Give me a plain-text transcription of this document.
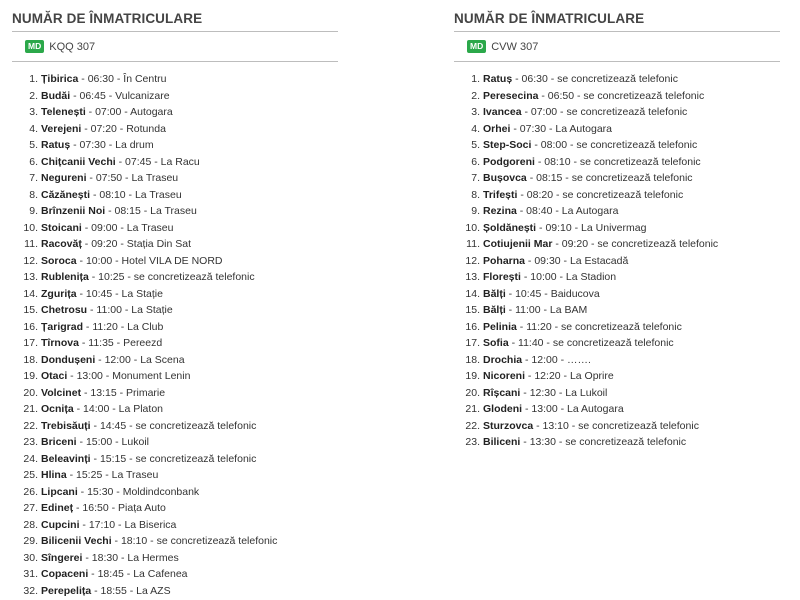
NUMĂR DE ÎNMATRICULARE
MD KQQ 307
1. Țibirica - 06:30 - În Centru
2. Budăi - 06:45 - Vulcanizare
3. Telenești - 07:00 - Autogara
4. Verejeni - 07:20 - Rotunda
5. Ratuș - 07:30 - La drum
6. Chițcanii Vechi - 07:45 - La Racu
7. Negureni - 07:50 - La Traseu
8. Căzănești - 08:10 - La Traseu
9. Brînzenii Noi - 08:15 - La Traseu
10. Stoicani - 09:00 - La Traseu
11. Racovăț - 09:20 - Stația Din Sat
12. Soroca - 10:00 - Hotel VILA DE NORD
13. Rublenița - 10:25 - se concretizează telefonic
14. Zgurița - 10:45 - La Stație
15. Chetrosu - 11:00 - La Stație
16. Țarigrad - 11:20 - La Club
17. Tîrnova - 11:35 - Pereezd
18. Dondușeni - 12:00 - La Scena
19. Otaci - 13:00 - Monument Lenin
20. Volcinet - 13:15 - Primarie
21. Ocnița - 14:00 - La Platon
22. Trebisăuți - 14:45 - se concretizează telefonic
23. Briceni - 15:00 - Lukoil
24. Beleavinți - 15:15 - se concretizează telefonic
25. Hlina - 15:25 - La Traseu
26. Lipcani - 15:30 - Moldindconbank
27. Edineț - 16:50 - Piața Auto
28. Cupcini - 17:10 - La Biserica
29. Bilicenii Vechi - 18:10 - se concretizează telefonic
30. Sîngerei - 18:30 - La Hermes
31. Copaceni - 18:45 - La Cafenea
32. Perepelița - 18:55 - La AZS
NUMĂR DE ÎNMATRICULARE
MD CVW 307
1. Ratuș - 06:30 - se concretizează telefonic
2. Peresecina - 06:50 - se concretizează telefonic
3. Ivancea - 07:00 - se concretizează telefonic
4. Orhei - 07:30 - La Autogara
5. Step-Soci - 08:00 - se concretizează telefonic
6. Podgoreni - 08:10 - se concretizează telefonic
7. Bușovca - 08:15 - se concretizează telefonic
8. Trifești - 08:20 - se concretizează telefonic
9. Rezina - 08:40 - La Autogara
10. Șoldănești - 09:10 - La Univermag
11. Cotiujenii Mar - 09:20 - se concretizează telefonic
12. Poharna - 09:30 - La Estacadă
13. Florești - 10:00 - La Stadion
14. Bălți - 10:45 - Baiducova
15. Bălți - 11:00 - La BAM
16. Pelinia - 11:20 - se concretizează telefonic
17. Sofia - 11:40 - se concretizează telefonic
18. Drochia - 12:00 - …….
19. Nicoreni - 12:20 - La Oprire
20. Rîșcani - 12:30 - La Lukoil
21. Glodeni - 13:00 - La Autogara
22. Sturzovca - 13:10 - se concretizează telefonic
23. Biliceni - 13:30 - se concretizează telefonic
